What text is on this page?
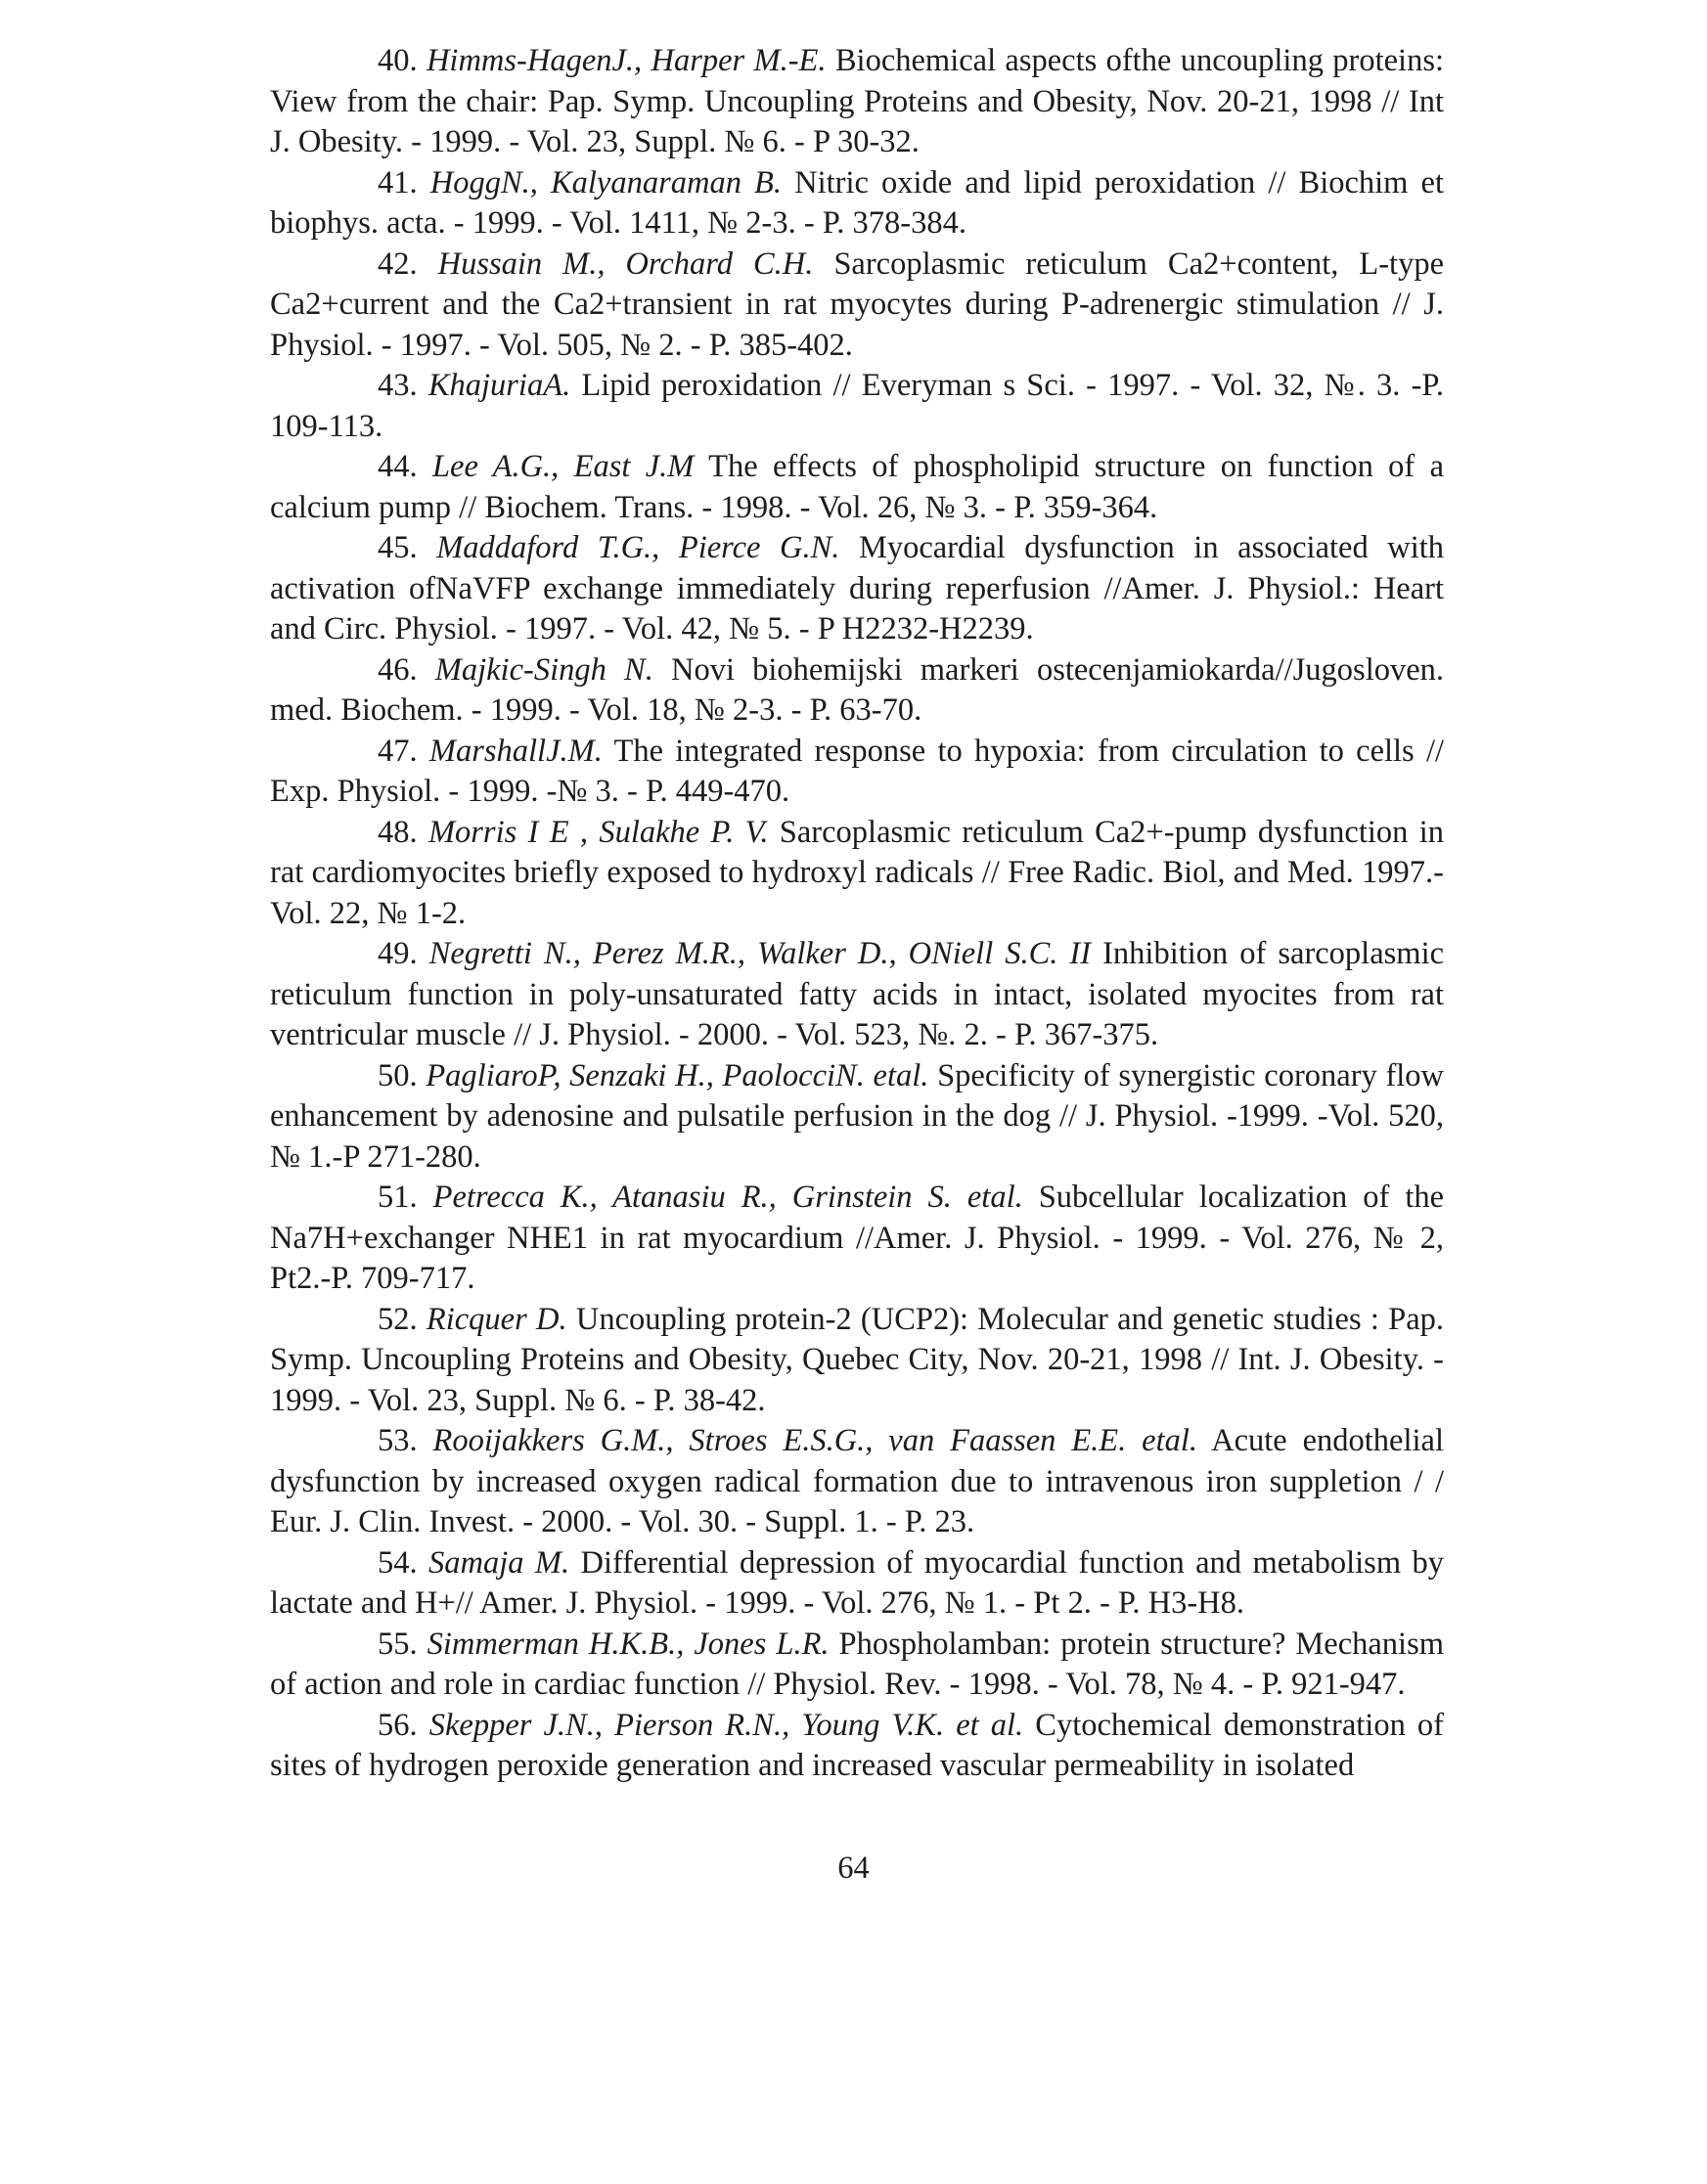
40. Himms-HagenJ., Harper M.-E. Biochemical aspects ofthe uncoupling proteins: View from the chair: Pap. Symp. Uncoupling Proteins and Obesity, Nov. 20-21, 1998 // Int J. Obesity. - 1999. - Vol. 23, Suppl. № 6. - P 30-32.

41. HoggN., Kalyanaraman B. Nitric oxide and lipid peroxidation // Biochim et biophys. acta. - 1999. - Vol. 1411, № 2-3. - P. 378-384.

42. Hussain M., Orchard C.H. Sarcoplasmic reticulum Ca2+content, L-type Ca2+current and the Ca2+transient in rat myocytes during P-adrenergic stimulation // J. Physiol. - 1997. - Vol. 505, № 2. - P. 385-402.

43. KhajuriaA. Lipid peroxidation // Everyman s Sci. - 1997. - Vol. 32, №. 3. -P. 109-113.

44. Lee A.G., East J.M The effects of phospholipid structure on function of a calcium pump // Biochem. Trans. - 1998. - Vol. 26, № 3. - P. 359-364.

45. Maddaford T.G., Pierce G.N. Myocardial dysfunction in associated with activation ofNaVFP exchange immediately during reperfusion //Amer. J. Physiol.: Heart and Circ. Physiol. - 1997. - Vol. 42, № 5. - P H2232-H2239.

46. Majkic-Singh N. Novi biohemijski markeri ostecenjamiokarda//Jugosloven. med. Biochem. - 1999. - Vol. 18, № 2-3. - P. 63-70.

47. MarshallJ.M. The integrated response to hypoxia: from circulation to cells // Exp. Physiol. - 1999. -№ 3. - P. 449-470.

48. Morris I E , Sulakhe P. V. Sarcoplasmic reticulum Ca2+-pump dysfunction in rat cardiomyocites briefly exposed to hydroxyl radicals // Free Radic. Biol, and Med. 1997.-Vol. 22, № 1-2.

49. Negretti N., Perez M.R., Walker D., ONiell S.C. II Inhibition of sarcoplasmic reticulum function in poly-unsaturated fatty acids in intact, isolated myocites from rat ventricular muscle // J. Physiol. - 2000. - Vol. 523, №. 2. - P. 367-375.

50. PagliaroP, Senzaki H., PaolocciN. etal. Specificity of synergistic coronary flow enhancement by adenosine and pulsatile perfusion in the dog // J. Physiol. -1999. -Vol. 520, № 1.-P 271-280.

51. Petrecca K., Atanasiu R., Grinstein S. etal. Subcellular localization of the Na7H+exchanger NHE1 in rat myocardium //Amer. J. Physiol. - 1999. - Vol. 276, № 2, Pt2.-P. 709-717.

52. Ricquer D. Uncoupling protein-2 (UCP2): Molecular and genetic studies : Pap. Symp. Uncoupling Proteins and Obesity, Quebec City, Nov. 20-21, 1998 // Int. J. Obesity. - 1999. - Vol. 23, Suppl. № 6. - P. 38-42.

53. Rooijakkers G.M., Stroes E.S.G., van Faassen E.E. etal. Acute endothelial dysfunction by increased oxygen radical formation due to intravenous iron suppletion / / Eur. J. Clin. Invest. - 2000. - Vol. 30. - Suppl. 1. - P. 23.

54. Samaja M. Differential depression of myocardial function and metabolism by lactate and H+// Amer. J. Physiol. - 1999. - Vol. 276, № 1. - Pt 2. - P. H3-H8.

55. Simmerman H.K.B., Jones L.R. Phospholamban: protein structure? Mechanism of action and role in cardiac function // Physiol. Rev. - 1998. - Vol. 78, № 4. - P. 921-947.

56. Skepper J.N., Pierson R.N., Young V.K. et al. Cytochemical demonstration of sites of hydrogen peroxide generation and increased vascular permeability in isolated

64
